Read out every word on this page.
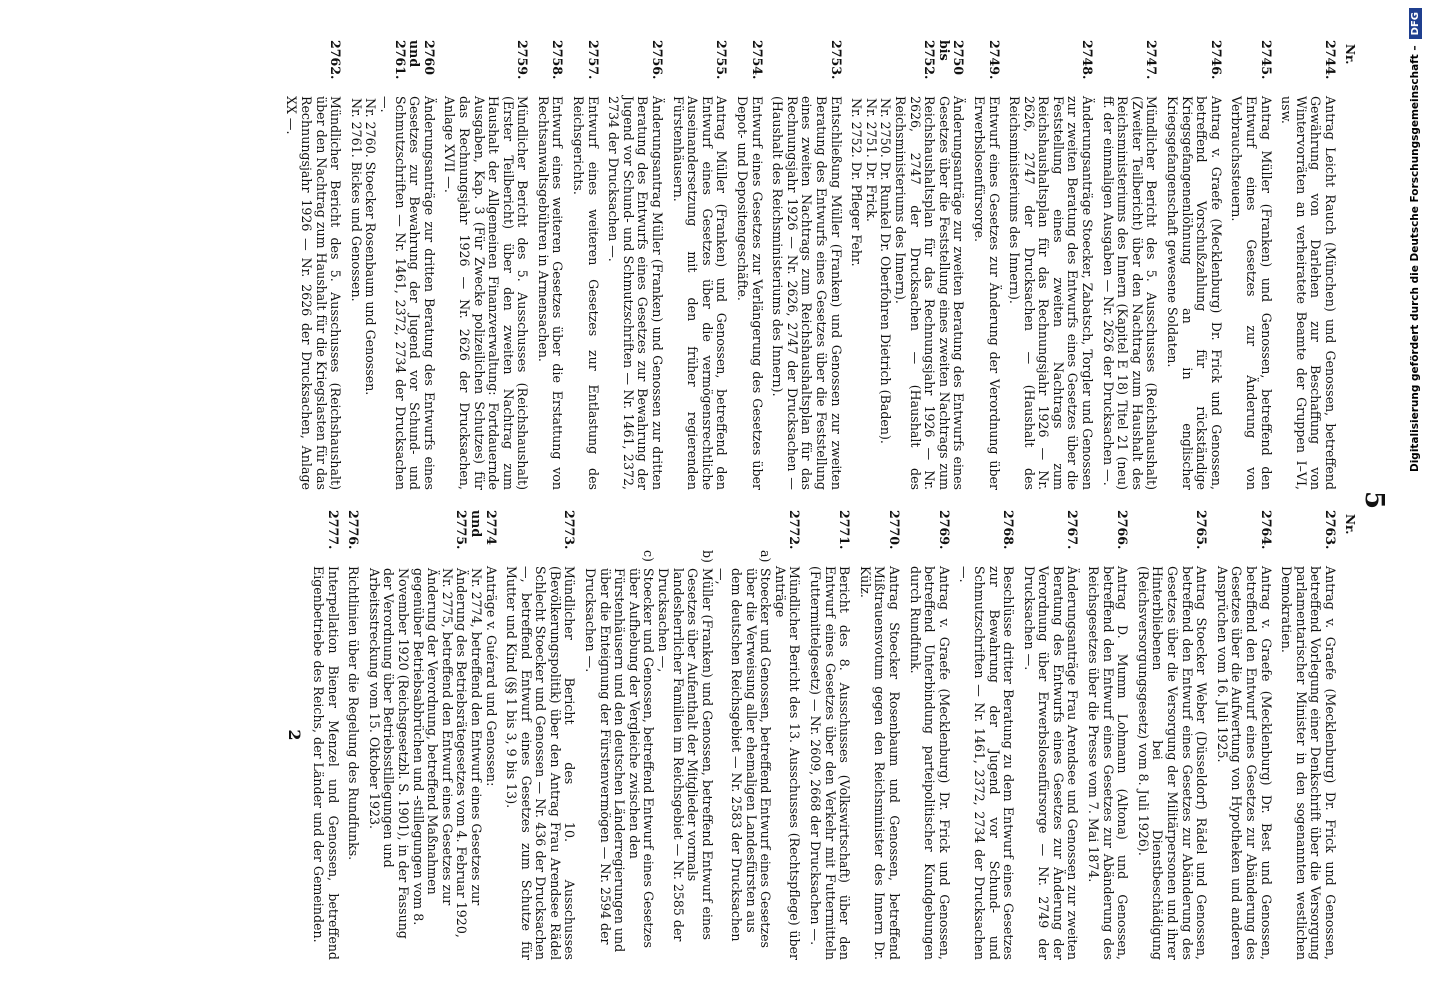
5
Nr.
2744.
Antrag Leicht Rauch (München) und Genossen, betreffend Gewährung von Darlehen zur Beschaffung von Wintervorräten an verheiratete Beamte der Gruppen I–VI, usw.
2745.
Antrag Müller (Franken) und Genossen, betreffend den Entwurf eines Gesetzes zur Änderung von Verbrauchssteuern.
2746.
Antrag v. Graefe (Mecklenburg) Dr. Frick und Genossen, betreffend Vorschußzahlung für rückständige Kriegsgefangenenlöhnung an in englischer Kriegsgefangenschaft gewesene Soldaten.
2747.
Mündlicher Bericht des 5. Ausschusses (Reichshaushalt) (Zweiter Teilbericht) über den Nachtrag zum Haushalt des Reichsministeriums des Innern (Kapitel E 18) Titel 21 (neu) ff. der einmaligen Ausgaben — Nr. 2626 der Drucksachen —.
2748.
Änderungsanträge Stoecker, Zabatsch, Torgler und Genossen zur zweiten Beratung des Entwurfs eines Gesetzes über die Feststellung eines zweiten Nachtrags zum Reichshaushaltsplan für das Rechnungsjahr 1926 — Nr. 2626, 2747 der Drucksachen — (Haushalt des Reichsministeriums des Innern).
2749.
Entwurf eines Gesetzes zur Änderung der Verordnung über Erwerbslosenfürsorge.
2750 bis 2752.
Änderungsanträge zur zweiten Beratung des Entwurfs eines Gesetzes über die Feststellung eines zweiten Nachtrags zum Reichshaushaltsplan für das Rechnungsjahr 1926 — Nr. 2626, 2747 der Drucksachen — (Haushalt des Reichsministeriums des Innern).
Nr. 2750. Dr. Runkel Dr. Oberfohren Dietrich (Baden).
Nr. 2751. Dr. Frick.
Nr. 2752. Dr. Pfleger Fehr.
2753.
Entschließung Müller (Franken) und Genossen zur zweiten Beratung des Entwurfs eines Gesetzes über die Feststellung eines zweiten Nachtrags zum Reichshaushaltsplan für das Rechnungsjahr 1926 — Nr. 2626, 2747 der Drucksachen — (Haushalt des Reichsministeriums des Innern).
2754.
Entwurf eines Gesetzes zur Verlängerung des Gesetzes über Depot- und Depositengeschäfte.
2755.
Antrag Müller (Franken) und Genossen, betreffend den Entwurf eines Gesetzes über die vermögensrechtliche Auseinandersetzung mit den früher regierenden Fürstenhäusern.
2756.
Änderungsantrag Müller (Franken) und Genossen zur dritten Beratung des Entwurfs eines Gesetzes zur Bewahrung der Jugend vor Schund- und Schmutzschriften — Nr. 1461, 2372, 2734 der Drucksachen —.
2757.
Entwurf eines weiteren Gesetzes zur Entlastung des Reichsgerichts.
2758.
Entwurf eines weiteren Gesetzes über die Erstattung von Rechtsanwaltsgebühren in Armensachen.
2759.
Mündlicher Bericht des 5. Ausschusses (Reichshaushalt) (Erster Teilbericht) über den zweiten Nachtrag zum Haushalt der Allgemeinen Finanzverwaltung: Fortdauernde Ausgaben, Kap. 3 (Für Zwecke polizeilichen Schutzes) für das Rechnungsjahr 1926 — Nr. 2626 der Drucksachen, Anlage XVII —.
2760 und 2761.
Änderungsanträge zur dritten Beratung des Entwurfs eines Gesetzes zur Bewahrung der Jugend vor Schund- und Schmutzschriften — Nr. 1461, 2372, 2734 der Drucksachen —.
Nr. 2760. Stoecker Rosenbaum und Genossen.
Nr. 2761. Bickes und Genossen.
2762.
Mündlicher Bericht des 5. Ausschusses (Reichshaushalt) über den Nachtrag zum Haushalt für die Kriegslasten für das Rechnungsjahr 1926 — Nr. 2626 der Drucksachen, Anlage XX —.
Nr.
2763.
Antrag v. Graefe (Mecklenburg) Dr. Frick und Genossen, betreffend Vorlegung einer Denkschrift über die Versorgung parlamentarischer Minister in den sogenannten westlichen Demokratien.
2764.
Antrag v. Graefe (Mecklenburg) Dr. Best und Genossen, betreffend den Entwurf eines Gesetzes zur Abänderung des Gesetzes über die Aufwertung von Hypotheken und anderen Ansprüchen vom 16. Juli 1925.
2765.
Antrag Stoecker Weber (Düsseldorf) Rädel und Genossen, betreffend den Entwurf eines Gesetzes zur Abänderung des Gesetzes über die Versorgung der Militärpersonen und ihrer Hinterbliebenen bei Dienstbeschädigung (Reichsversorgungsgesetz) vom 8. Juli 1926).
2766.
Antrag D. Mumm Lohmann (Altona) und Genossen, betreffend den Entwurf eines Gesetzes zur Abänderung des Reichsgesetzes über die Presse vom 7. Mai 1874.
2767.
Änderungsanträge Frau Arendsee und Genossen zur zweiten Beratung des Entwurfs eines Gesetzes zur Änderung der Verordnung über Erwerbslosenfürsorge — Nr. 2749 der Drucksachen —.
2768.
Beschlüsse dritter Beratung zu dem Entwurf eines Gesetzes zur Bewahrung der Jugend vor Schund- und Schmutzschriften — Nr. 1461, 2372, 2734 der Drucksachen —.
2769.
Antrag v. Graefe (Mecklenburg) Dr. Frick und Genossen, betreffend Unterbindung parteipolitischer Kundgebungen durch Rundfunk.
2770.
Antrag Stoecker Rosenbaum und Genossen, betreffend Mißtrauensvotum gegen den Reichsminister des Innern Dr. Külz.
2771.
Bericht des 8. Ausschusses (Volkswirtschaft) über den Entwurf eines Gesetzes über den Verkehr mit Futtermitteln (Futtermittelgesetz) — Nr. 2609, 2668 der Drucksachen —.
2772.
Mündlicher Bericht des 13. Ausschusses (Rechtspflege) über Anträge
a)
Stoecker und Genossen, betreffend Entwurf eines Gesetzes über die Verweisung aller ehemaligen Landesfürsten aus dem deutschen Reichsgebiet — Nr. 2583 der Drucksachen —,
b)
Müller (Franken) und Genossen, betreffend Entwurf eines Gesetzes über Aufenthalt der Mitglieder vormals landesherrlicher Familien im Reichsgebiet — Nr. 2585 der Drucksachen —,
c)
Stoecker und Genossen, betreffend Entwurf eines Gesetzes über Aufhebung der Vergleiche zwischen den Fürstenhäusern und den deutschen Länderregierungen und über die Enteignung der Fürstenvermögen — Nr. 2594 der Drucksachen —.
2773.
Mündlicher Bericht des 10. Ausschusses (Bevölkerungspolitik) über den Antrag Frau Arendsee Rädel Schlecht Stoecker und Genossen — Nr. 436 der Drucksachen —, betreffend Entwurf eines Gesetzes zum Schutze für Mutter und Kind (§§ 1 bis 3, 9 bis 13).
2774 und 2775.
Anträge v. Guérard und Genossen:
Nr. 2774, betreffend den Entwurf eines Gesetzes zur Änderung des Betriebsrätegesetzes vom 4. Februar 1920,
Nr. 2775, betreffend den Entwurf eines Gesetzes zur Änderung der Verordnung, betreffend Maßnahmen gegenüber Betriebsabbrüchen und -stillegungen vom 8. November 1920 (Reichsgesetzbl. S. 1901), in der Fassung der Verordnung über Betriebsstillegungen und Arbeitsstreckung vom 15. Oktober 1923.
2776.
Richtlinien über die Regelung des Rundfunks.
2777.
Interpellation Biener Menzel und Genossen, betreffend Eigenbetriebe des Reichs, der Länder und der Gemeinden.
2
Digitalisierung gefördert durch die Deutsche Forschungsgemeinschaft –
DFG
